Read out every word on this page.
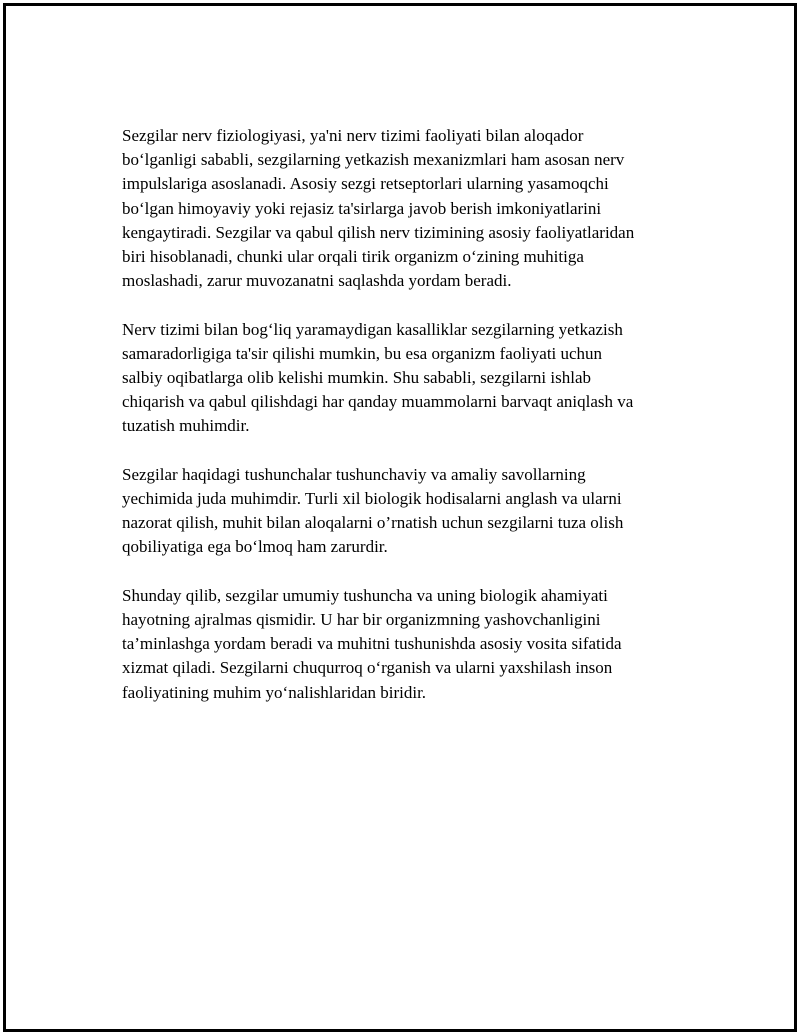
Sezgilar nerv fiziologiyasi, ya'ni nerv tizimi faoliyati bilan aloqador
bo‘lganligi sababli, sezgilarning yetkazish mexanizmlari ham asosan nerv
impulslariga asoslanadi. Asosiy sezgi retseptorlari ularning yasamoqchi
bo‘lgan himoyaviy yoki rejasiz ta'sirlarga javob berish imkoniyatlarini
kengaytiradi. Sezgilar va qabul qilish nerv tizimining asosiy faoliyatlaridan
biri hisoblanadi, chunki ular orqali tirik organizm o‘zining muhitiga
moslashadi, zarur muvozanatni saqlashda yordam beradi.

Nerv tizimi bilan bog‘liq yaramaydigan kasalliklar sezgilarning yetkazish
samaradorligiga ta'sir qilishi mumkin, bu esa organizm faoliyati uchun
salbiy oqibatlarga olib kelishi mumkin. Shu sababli, sezgilarni ishlab
chiqarish va qabul qilishdagi har qanday muammolarni barvaqt aniqlash va
tuzatish muhimdir.

Sezgilar haqidagi tushunchalar tushunchaviy va amaliy savollarning
yechimida juda muhimdir. Turli xil biologik hodisalarni anglash va ularni
nazorat qilish, muhit bilan aloqalarni o’rnatish uchun sezgilarni tuza olish
qobiliyatiga ega bo‘lmoq ham zarurdir.

Shunday qilib, sezgilar umumiy tushuncha va uning biologik ahamiyati
hayotning ajralmas qismidir. U har bir organizmning yashovchanligini
ta’minlashga yordam beradi va muhitni tushunishda asosiy vosita sifatida
xizmat qiladi. Sezgilarni chuqurroq o‘rganish va ularni yaxshilash inson
faoliyatining muhim yo‘nalishlaridan biridir.
